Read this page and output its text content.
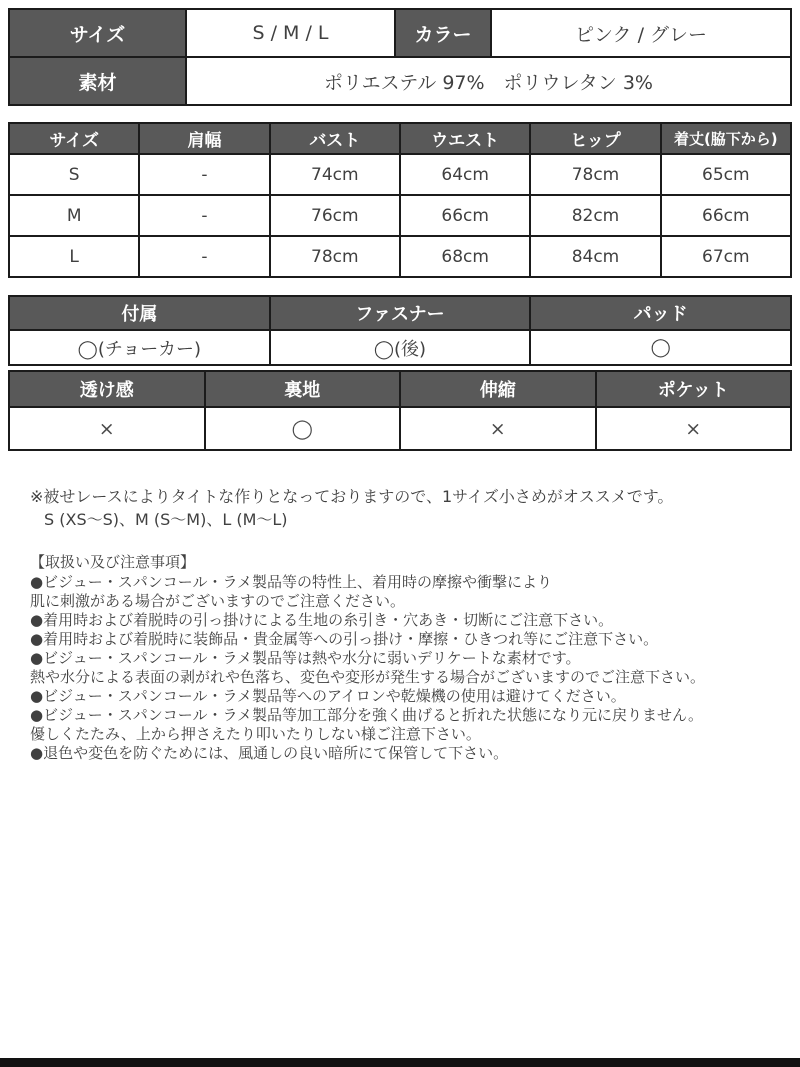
サイズ	S / M / L	カラー	ピンク / グレー
素材	ポリエステル 97%　ポリウレタン 3%		
サイズ	肩幅	バスト	ウエスト	ヒップ	着丈(脇下から)
S	-	74cm	64cm	78cm	65cm
M	-	76cm	66cm	82cm	66cm
L	-	78cm	68cm	84cm	67cm
付属	ファスナー	パッド
◯(チョーカー)	◯(後)	◯
透け感	裏地	伸縮	ポケット
×	◯	×	×
※被せレースによりタイトな作りとなっておりますので、1サイズ小さめがオススメです。
S (XS～S)、M (S～M)、L (M～L)
【取扱い及び注意事項】
●ビジュー・スパンコール・ラメ製品等の特性上、着用時の摩擦や衝撃により
肌に刺激がある場合がございますのでご注意ください。
●着用時および着脱時の引っ掛けによる生地の糸引き・穴あき・切断にご注意下さい。
●着用時および着脱時に装飾品・貴金属等への引っ掛け・摩擦・ひきつれ等にご注意下さい。
●ビジュー・スパンコール・ラメ製品等は熱や水分に弱いデリケートな素材です。
熱や水分による表面の剥がれや色落ち、変色や変形が発生する場合がございますのでご注意下さい。
●ビジュー・スパンコール・ラメ製品等へのアイロンや乾燥機の使用は避けてください。
●ビジュー・スパンコール・ラメ製品等加工部分を強く曲げると折れた状態になり元に戻りません。
優しくたたみ、上から押さえたり叩いたりしない様ご注意下さい。
●退色や変色を防ぐためには、風通しの良い暗所にて保管して下さい。
